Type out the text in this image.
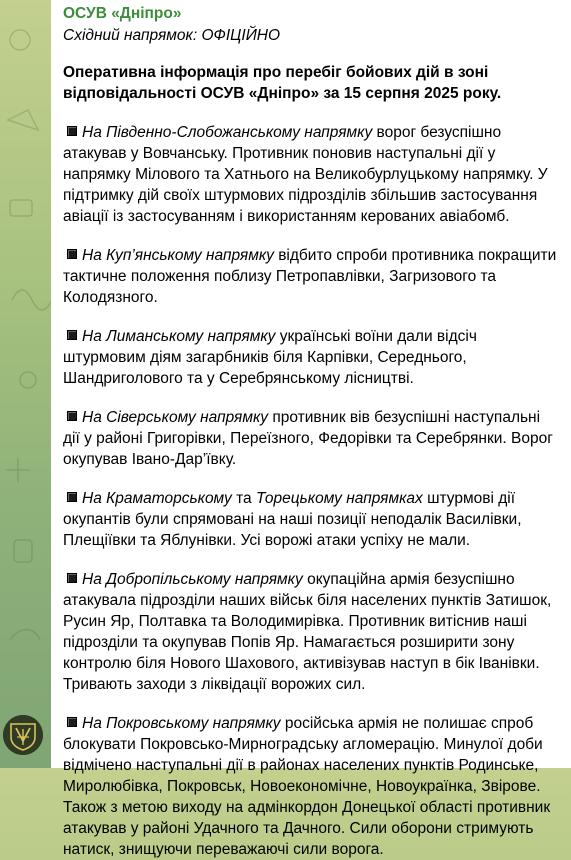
ОСУВ «Дніпро»
Східний напрямок: ОФІЦІЙНО
Оперативна інформація про перебіг бойових дій в зоні відповідальності ОСУВ «Дніпро» за 15 серпня 2025 року.
На Південно-Слобожанському напрямку ворог безуспішно атакував у Вовчанську. Противник поновив наступальні дії у напрямку Мілового та Хатнього на Великобурлуцькому напрямку. У підтримку дій своїх штурмових підрозділів збільшив застосування авіації із застосуванням і використанням керованих авіабомб.
На Куп’янському напрямку відбито спроби противника покращити тактичне положення поблизу Петропавлівки, Загризового та Колодязного.
На Лиманському напрямку українські воїни дали відсіч штурмовим діям загарбників біля Карпівки, Середнього, Шандриголового та у Серебрянському лісництві.
На Сіверському напрямку противник вів безуспішні наступальні дії у районі Григорівки, Переїзного, Федорівки та Серебрянки. Ворог окупував Івано-Дар’ївку.
На Краматорському та Торецькому напрямках штурмові дії окупантів були спрямовані на наші позиції неподалік Василівки, Плещіївки та Яблунівки. Усі ворожі атаки успіху не мали.
На Добропільському напрямку окупаційна армія безуспішно атакувала підрозділи наших військ біля населених пунктів Затишок, Русин Яр, Полтавка та Володимирівка. Противник витіснив наші підрозділи та окупував Попів Яр. Намагається розширити зону контролю біля Нового Шахового, активізував наступ в бік Іванівки. Тривають заходи з ліквідації ворожих сил.
На Покровському напрямку російська армія не полишає спроб блокувати Покровсько-Мирноградську агломерацію. Минулої доби відмічено наступальні дії в районах населених пунктів Родинське, Миролюбівка, Покровськ, Новоекономічне, Новоукраїнка, Звірове. Також з метою виходу на адмінкордон Донецької області противник атакував у районі Удачного та Дачного. Сили оборони стримують натиск, знищуючи переважаючі сили ворога.
